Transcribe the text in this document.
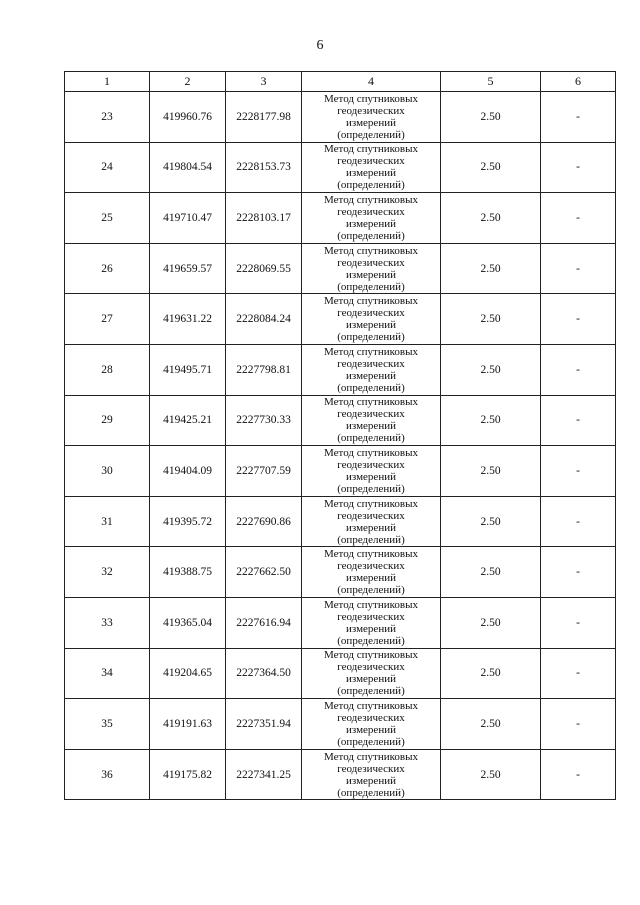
6
1	2	3	4	5	6
23	419960.76	2228177.98	Метод спутниковых
геодезических
измерений
(определений)	2.50	-
24	419804.54	2228153.73	Метод спутниковых
геодезических
измерений
(определений)	2.50	-
25	419710.47	2228103.17	Метод спутниковых
геодезических
измерений
(определений)	2.50	-
26	419659.57	2228069.55	Метод спутниковых
геодезических
измерений
(определений)	2.50	-
27	419631.22	2228084.24	Метод спутниковых
геодезических
измерений
(определений)	2.50	-
28	419495.71	2227798.81	Метод спутниковых
геодезических
измерений
(определений)	2.50	-
29	419425.21	2227730.33	Метод спутниковых
геодезических
измерений
(определений)	2.50	-
30	419404.09	2227707.59	Метод спутниковых
геодезических
измерений
(определений)	2.50	-
31	419395.72	2227690.86	Метод спутниковых
геодезических
измерений
(определений)	2.50	-
32	419388.75	2227662.50	Метод спутниковых
геодезических
измерений
(определений)	2.50	-
33	419365.04	2227616.94	Метод спутниковых
геодезических
измерений
(определений)	2.50	-
34	419204.65	2227364.50	Метод спутниковых
геодезических
измерений
(определений)	2.50	-
35	419191.63	2227351.94	Метод спутниковых
геодезических
измерений
(определений)	2.50	-
36	419175.82	2227341.25	Метод спутниковых
геодезических
измерений
(определений)	2.50	-
